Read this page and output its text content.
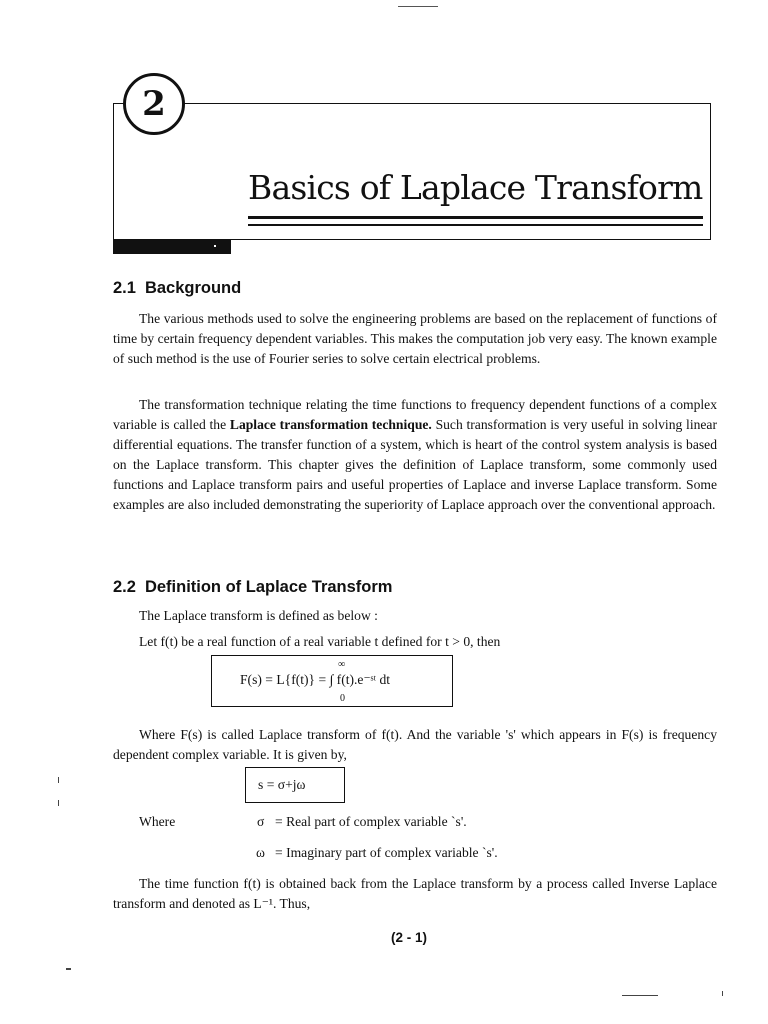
2
Basics of Laplace Transform
2.1 Background

The various methods used to solve the engineering problems are based on the replacement of functions of time by certain frequency dependent variables. This makes the computation job very easy. The known example of such method is the use of Fourier series to solve certain electrical problems.

The transformation technique relating the time functions to frequency dependent functions of a complex variable is called the Laplace transformation technique. Such transformation is very useful in solving linear differential equations. The transfer function of a system, which is heart of the control system analysis is based on the Laplace transform. This chapter gives the definition of Laplace transform, some commonly used functions and Laplace transform pairs and useful properties of Laplace and inverse Laplace transform. Some examples are also included demonstrating the superiority of Laplace approach over the conventional approach.

2.2 Definition of Laplace Transform
The Laplace transform is defined as below :
Let f(t) be a real function of a real variable t defined for t > 0, then
∞
F(s) = L{f(t)} = ∫ f(t).e⁻ˢᵗ dt
0

Where F(s) is called Laplace transform of f(t). And the variable 's' which appears in F(s) is frequency dependent complex variable. It is given by,

s = σ+jω
Where	σ = Real part of complex variable `s'.
ω = Imaginary part of complex variable `s'.

The time function f(t) is obtained back from the Laplace transform by a process called Inverse Laplace transform and denoted as L⁻¹. Thus,

(2 - 1)
